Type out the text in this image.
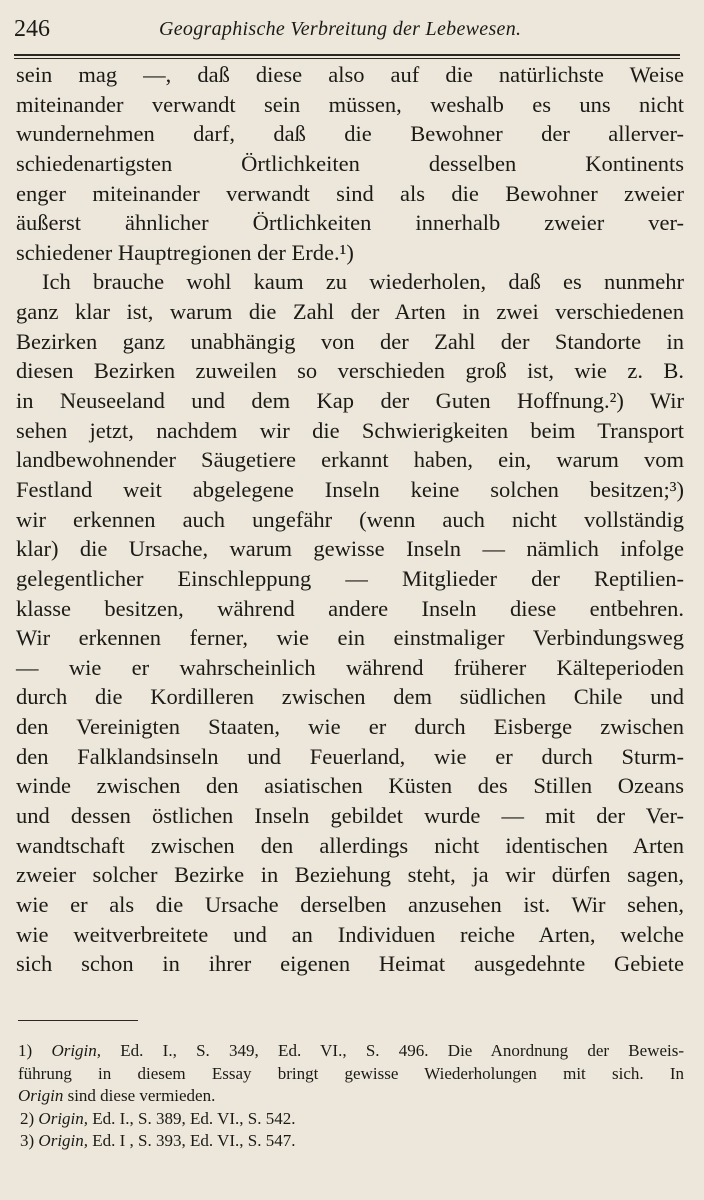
246	Geographische Verbreitung der Lebewesen.
sein mag —, daß diese also auf die natürlichste Weise
miteinander verwandt sein müssen, weshalb es uns nicht
wundernehmen darf, daß die Bewohner der allerver-
schiedenartigsten Örtlichkeiten desselben Kontinents
enger miteinander verwandt sind als die Bewohner zweier
äußerst ähnlicher Örtlichkeiten innerhalb zweier ver-
schiedener Hauptregionen der Erde.¹)
Ich brauche wohl kaum zu wiederholen, daß es nunmehr
ganz klar ist, warum die Zahl der Arten in zwei verschiedenen
Bezirken ganz unabhängig von der Zahl der Standorte in
diesen Bezirken zuweilen so verschieden groß ist, wie z. B.
in Neuseeland und dem Kap der Guten Hoffnung.²) Wir
sehen jetzt, nachdem wir die Schwierigkeiten beim Transport
landbewohnender Säugetiere erkannt haben, ein, warum vom
Festland weit abgelegene Inseln keine solchen besitzen;³)
wir erkennen auch ungefähr (wenn auch nicht vollständig
klar) die Ursache, warum gewisse Inseln — nämlich infolge
gelegentlicher Einschleppung — Mitglieder der Reptilien-
klasse besitzen, während andere Inseln diese entbehren.
Wir erkennen ferner, wie ein einstmaliger Verbindungsweg
— wie er wahrscheinlich während früherer Kälteperioden
durch die Kordilleren zwischen dem südlichen Chile und
den Vereinigten Staaten, wie er durch Eisberge zwischen
den Falklandsinseln und Feuerland, wie er durch Sturm-
winde zwischen den asiatischen Küsten des Stillen Ozeans
und dessen östlichen Inseln gebildet wurde — mit der Ver-
wandtschaft zwischen den allerdings nicht identischen Arten
zweier solcher Bezirke in Beziehung steht, ja wir dürfen sagen,
wie er als die Ursache derselben anzusehen ist. Wir sehen,
wie weitverbreitete und an Individuen reiche Arten, welche
sich schon in ihrer eigenen Heimat ausgedehnte Gebiete
1) Origin, Ed. I., S. 349, Ed. VI., S. 496. Die Anordnung der Beweis-
führung in diesem Essay bringt gewisse Wiederholungen mit sich. In
Origin sind diese vermieden.
2) Origin, Ed. I., S. 389, Ed. VI., S. 542.
3) Origin, Ed. I , S. 393, Ed. VI., S. 547.
